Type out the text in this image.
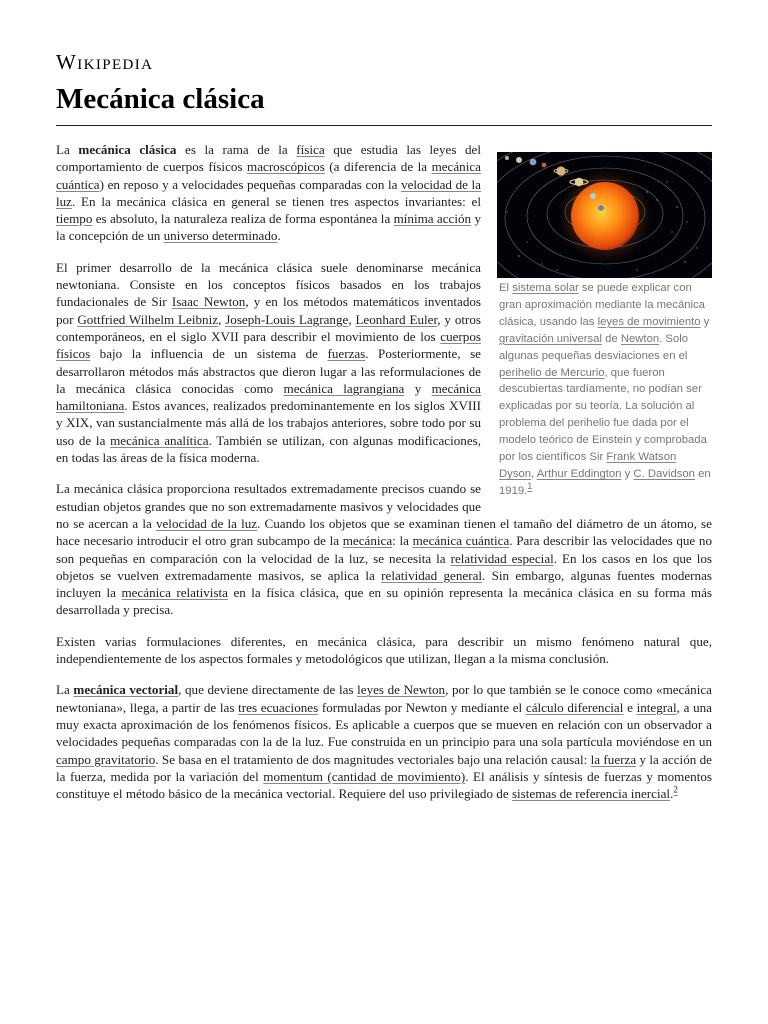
Wikipedia
Mecánica clásica
El sistema solar se puede explicar con gran aproximación mediante la mecánica clásica, usando las leyes de movimiento y gravitación universal de Newton. Solo algunas pequeñas desviaciones en el perihelio de Mercurio, que fueron descubiertas tardíamente, no podían ser explicadas por su teoría. La solución al problema del perihelio fue dada por el modelo teórico de Einstein y comprobada por los científicos Sir Frank Watson Dyson, Arthur Eddington y C. Davidson en 1919.$^1$

La mecánica clásica es la rama de la física que estudia las leyes del comportamiento de cuerpos físicos macroscópicos (a diferencia de la mecánica cuántica) en reposo y a velocidades pequeñas comparadas con la velocidad de la luz. En la mecánica clásica en general se tienen tres aspectos invariantes: el tiempo es absoluto, la naturaleza realiza de forma espontánea la mínima acción y la concepción de un universo determinado.

El primer desarrollo de la mecánica clásica suele denominarse mecánica newtoniana. Consiste en los conceptos físicos basados en los trabajos fundacionales de Sir Isaac Newton, y en los métodos matemáticos inventados por Gottfried Wilhelm Leibniz, Joseph-Louis Lagrange, Leonhard Euler, y otros contemporáneos, en el siglo XVII para describir el movimiento de los cuerpos físicos bajo la influencia de un sistema de fuerzas. Posteriormente, se desarrollaron métodos más abstractos que dieron lugar a las reformulaciones de la mecánica clásica conocidas como mecánica lagrangiana y mecánica hamiltoniana. Estos avances, realizados predominantemente en los siglos XVIII y XIX, van sustancialmente más allá de los trabajos anteriores, sobre todo por su uso de la mecánica analítica. También se utilizan, con algunas modificaciones, en todas las áreas de la física moderna.

La mecánica clásica proporciona resultados extremadamente precisos cuando se estudian objetos grandes que no son extremadamente masivos y velocidades que no se acercan a la velocidad de la luz. Cuando los objetos que se examinan tienen el tamaño del diámetro de un átomo, se hace necesario introducir el otro gran subcampo de la mecánica: la mecánica cuántica. Para describir las velocidades que no son pequeñas en comparación con la velocidad de la luz, se necesita la relatividad especial. En los casos en los que los objetos se vuelven extremadamente masivos, se aplica la relatividad general. Sin embargo, algunas fuentes modernas incluyen la mecánica relativista en la física clásica, que en su opinión representa la mecánica clásica en su forma más desarrollada y precisa.

Existen varias formulaciones diferentes, en mecánica clásica, para describir un mismo fenómeno natural que, independientemente de los aspectos formales y metodológicos que utilizan, llegan a la misma conclusión.

La mecánica vectorial, que deviene directamente de las leyes de Newton, por lo que también se le conoce como «mecánica newtoniana», llega, a partir de las tres ecuaciones formuladas por Newton y mediante el cálculo diferencial e integral, a una muy exacta aproximación de los fenómenos físicos. Es aplicable a cuerpos que se mueven en relación con un observador a velocidades pequeñas comparadas con la de la luz. Fue construida en un principio para una sola partícula moviéndose en un campo gravitatorio. Se basa en el tratamiento de dos magnitudes vectoriales bajo una relación causal: la fuerza y la acción de la fuerza, medida por la variación del momentum (cantidad de movimiento). El análisis y síntesis de fuerzas y momentos constituye el método básico de la mecánica vectorial. Requiere del uso privilegiado de sistemas de referencia inercial.$^2$
